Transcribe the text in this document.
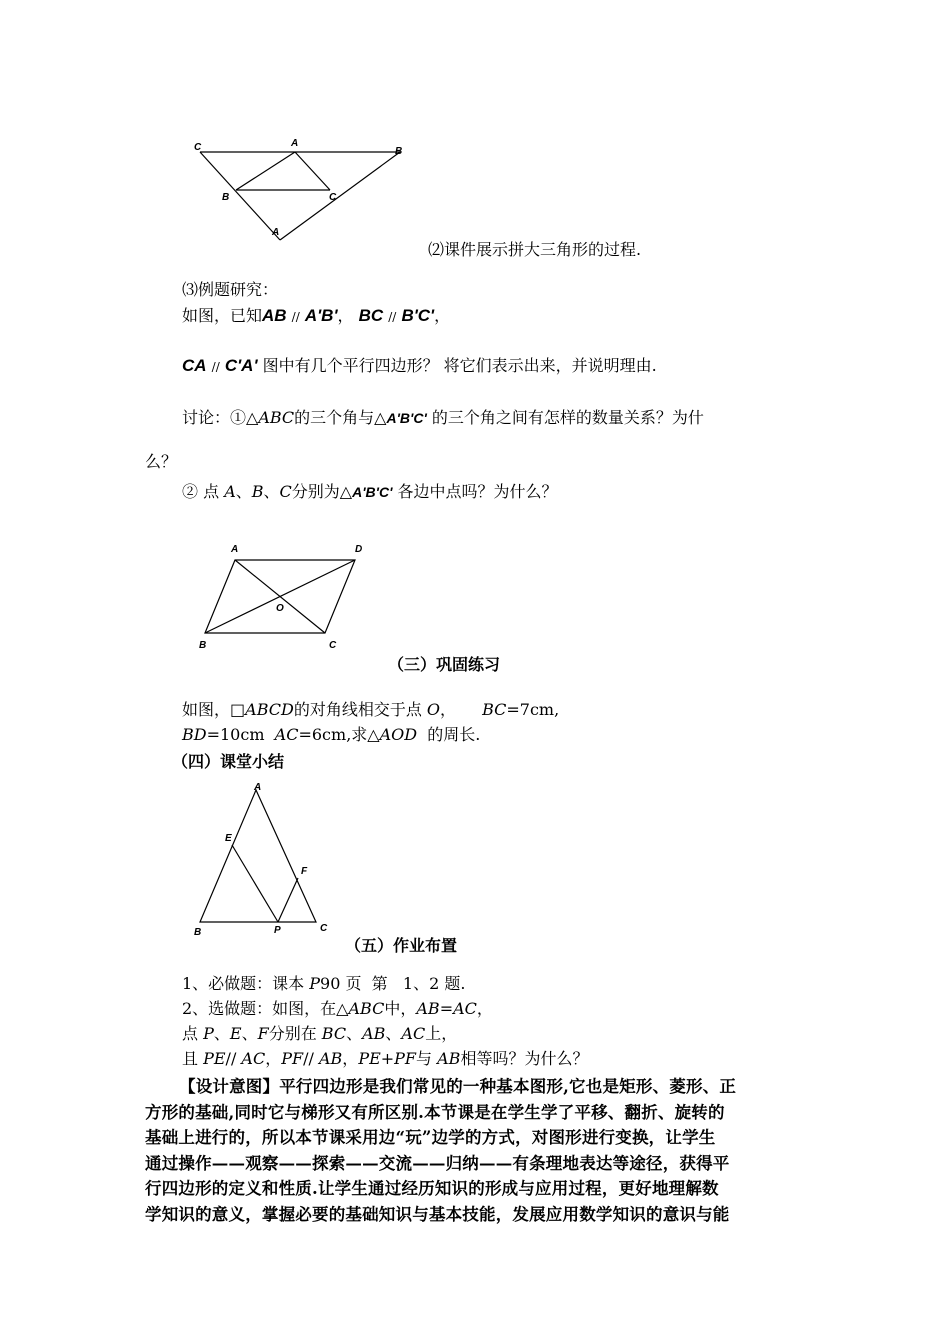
C	A
B
B	C
A
⑵课件展示拼大三角形的过程.
⑶例题研究：
如图，已知AB // A'B'， BC // B'C'，
CA // C'A' 图中有几个平行四边形？ 将它们表示出来，并说明理由.
讨论：①△ABC的三个角与△A'B'C' 的三个角之间有怎样的数量关系？为什
么？
② 点 A、B、C分别为△A'B'C' 各边中点吗？为什么？
A	D
O
B	C
（三）巩固练习
如图，□ABCD的对角线相交于点 O， BC=7cm,
BD=10cm  AC=6cm,求△AOD  的周长.
（四）课堂小结
A
E
F
B	P	C
（五）作业布置
1、必做题：课本 P90 页  第   1、2 题.
2、选做题：如图，在△ABC中，AB=AC，
点 P、E、F分别在 BC、AB、AC上，
且 PE// AC，PF// AB，PE+PF与 AB相等吗？为什么？
【设计意图】平行四边形是我们常见的一种基本图形,它也是矩形、菱形、正
方形的基础,同时它与梯形又有所区别.本节课是在学生学了平移、翻折、旋转的
基础上进行的，所以本节课采用边“玩”边学的方式，对图形进行变换，让学生
通过操作——观察——探索——交流——归纳——有条理地表达等途径，获得平
行四边形的定义和性质.让学生通过经历知识的形成与应用过程，更好地理解数
学知识的意义，掌握必要的基础知识与基本技能，发展应用数学知识的意识与能
